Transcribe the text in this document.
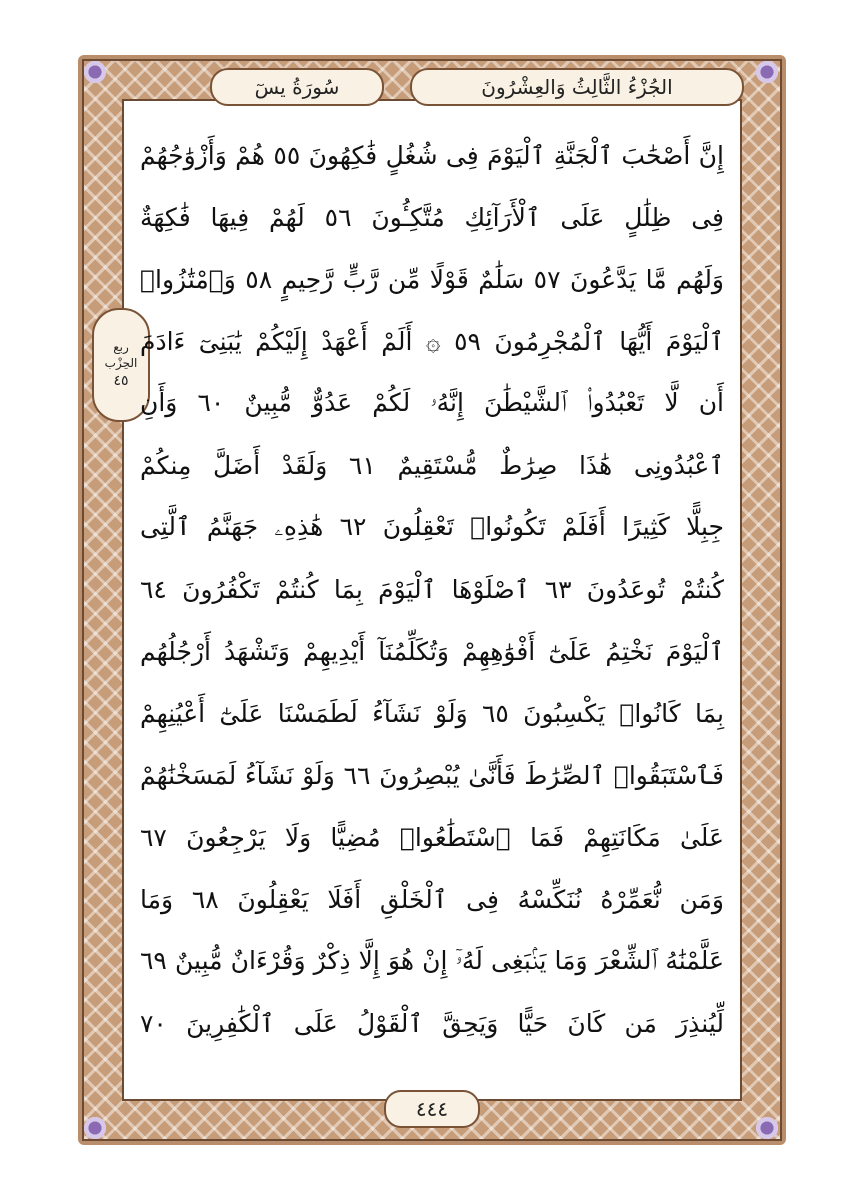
الجُزْءُ الثَّالِثُ وَالعِشْرُونَ
سُورَةُ يسٓ
ربع
الحِزْب
٤٥
إِنَّ أَصْحَٰبَ ٱلْجَنَّةِ ٱلْيَوْمَ فِى شُغُلٍ فَٰكِهُونَ ٥٥ هُمْ وَأَزْوَٰجُهُمْ
فِى ظِلَٰلٍ عَلَى ٱلْأَرَآئِكِ مُتَّكِـُٔونَ ٥٦ لَهُمْ فِيهَا فَٰكِهَةٌ
وَلَهُم مَّا يَدَّعُونَ ٥٧ سَلَٰمٌ قَوْلًا مِّن رَّبٍّ رَّحِيمٍ ٥٨ وَٱمْتَٰزُوا۟
ٱلْيَوْمَ أَيُّهَا ٱلْمُجْرِمُونَ ٥٩ ۞ أَلَمْ أَعْهَدْ إِلَيْكُمْ يَٰبَنِىٓ ءَادَمَ
أَن لَّا تَعْبُدُوا۟ ٱلشَّيْطَٰنَ إِنَّهُۥ لَكُمْ عَدُوٌّ مُّبِينٌ ٦٠ وَأَنِ
ٱعْبُدُونِى هَٰذَا صِرَٰطٌ مُّسْتَقِيمٌ ٦١ وَلَقَدْ أَضَلَّ مِنكُمْ
جِبِلًّا كَثِيرًا أَفَلَمْ تَكُونُوا۟ تَعْقِلُونَ ٦٢ هَٰذِهِۦ جَهَنَّمُ ٱلَّتِى
كُنتُمْ تُوعَدُونَ ٦٣ ٱصْلَوْهَا ٱلْيَوْمَ بِمَا كُنتُمْ تَكْفُرُونَ ٦٤
ٱلْيَوْمَ نَخْتِمُ عَلَىٰٓ أَفْوَٰهِهِمْ وَتُكَلِّمُنَآ أَيْدِيهِمْ وَتَشْهَدُ أَرْجُلُهُم
بِمَا كَانُوا۟ يَكْسِبُونَ ٦٥ وَلَوْ نَشَآءُ لَطَمَسْنَا عَلَىٰٓ أَعْيُنِهِمْ
فَٱسْتَبَقُوا۟ ٱلصِّرَٰطَ فَأَنَّىٰ يُبْصِرُونَ ٦٦ وَلَوْ نَشَآءُ لَمَسَخْنَٰهُمْ
عَلَىٰ مَكَانَتِهِمْ فَمَا ٱسْتَطَٰعُوا۟ مُضِيًّا وَلَا يَرْجِعُونَ ٦٧
وَمَن نُّعَمِّرْهُ نُنَكِّسْهُ فِى ٱلْخَلْقِ أَفَلَا يَعْقِلُونَ ٦٨ وَمَا
عَلَّمْنَٰهُ ٱلشِّعْرَ وَمَا يَنۢبَغِى لَهُۥٓ إِنْ هُوَ إِلَّا ذِكْرٌ وَقُرْءَانٌ مُّبِينٌ ٦٩
لِّيُنذِرَ مَن كَانَ حَيًّا وَيَحِقَّ ٱلْقَوْلُ عَلَى ٱلْكَٰفِرِينَ ٧٠
٤٤٤
